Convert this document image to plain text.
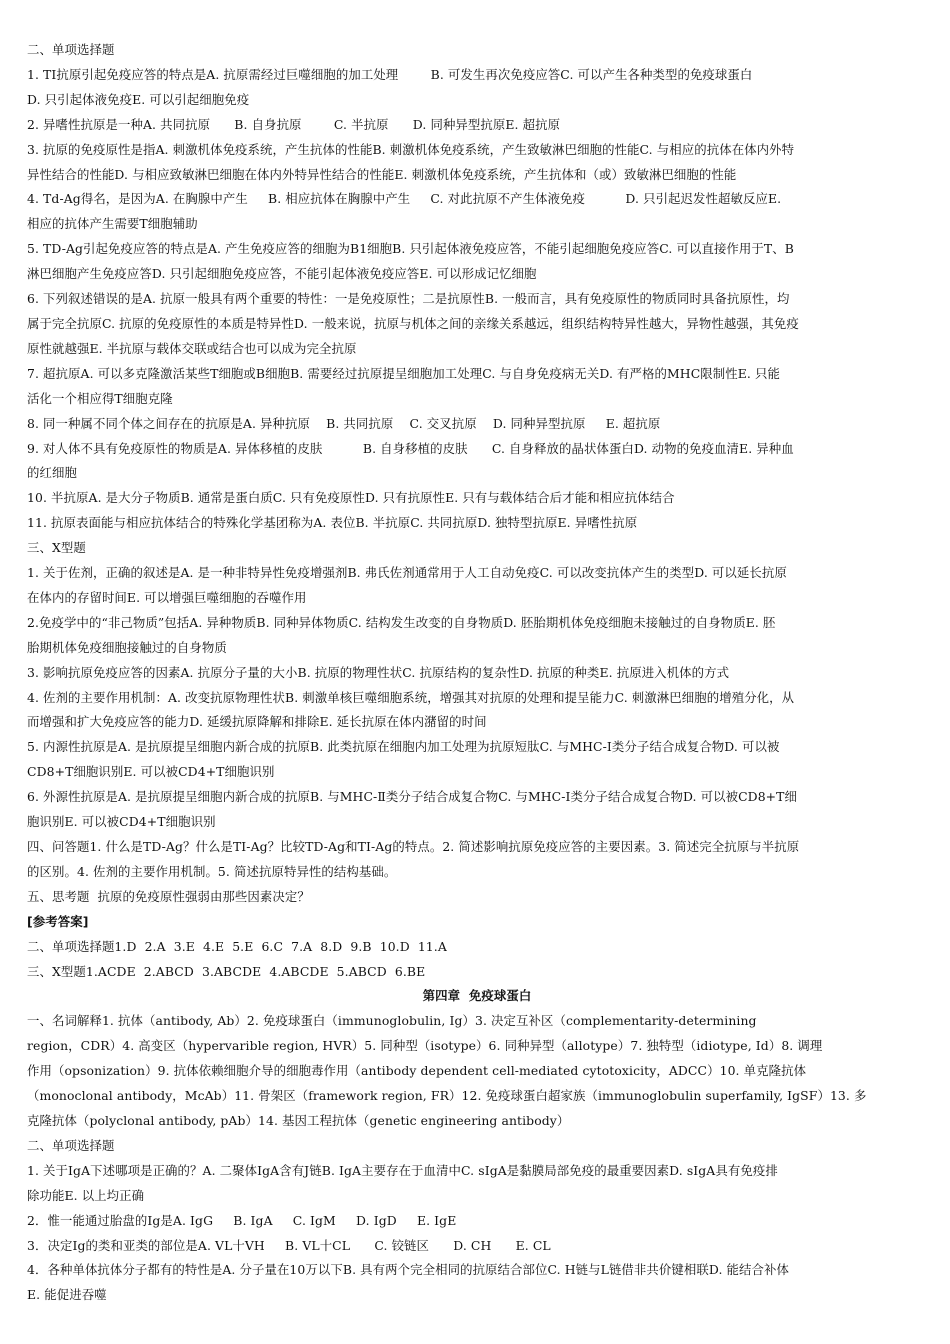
二、单项选择题

1. TI抗原引起免疫应答的特点是A. 抗原需经过巨噬细胞的加工处理        B. 可发生再次免疫应答C. 可以产生各种类型的免疫球蛋白

D. 只引起体液免疫E. 可以引起细胞免疫

2. 异嗜性抗原是一种A. 共同抗原      B. 自身抗原        C. 半抗原      D. 同种异型抗原E. 超抗原

3. 抗原的免疫原性是指A. 刺激机体免疫系统，产生抗体的性能B. 刺激机体免疫系统，产生致敏淋巴细胞的性能C. 与相应的抗体在体内外特

异性结合的性能D. 与相应致敏淋巴细胞在体内外特异性结合的性能E. 刺激机体免疫系统，产生抗体和（或）致敏淋巴细胞的性能

4. Td-Ag得名，是因为A. 在胸腺中产生     B. 相应抗体在胸腺中产生     C. 对此抗原不产生体液免疫          D. 只引起迟发性超敏反应E.

相应的抗体产生需要T细胞辅助

5. TD-Ag引起免疫应答的特点是A. 产生免疫应答的细胞为B1细胞B. 只引起体液免疫应答，不能引起细胞免疫应答C. 可以直接作用于T、B

淋巴细胞产生免疫应答D. 只引起细胞免疫应答，不能引起体液免疫应答E. 可以形成记忆细胞

6. 下列叙述错误的是A. 抗原一般具有两个重要的特性：一是免疫原性；二是抗原性B. 一般而言，具有免疫原性的物质同时具备抗原性，均

属于完全抗原C. 抗原的免疫原性的本质是特异性D. 一般来说，抗原与机体之间的亲缘关系越远，组织结构特异性越大，异物性越强，其免疫

原性就越强E. 半抗原与载体交联或结合也可以成为完全抗原

7. 超抗原A. 可以多克隆激活某些T细胞或B细胞B. 需要经过抗原提呈细胞加工处理C. 与自身免疫病无关D. 有严格的MHC限制性E. 只能

活化一个相应得T细胞克隆

8. 同一种属不同个体之间存在的抗原是A. 异种抗原    B. 共同抗原    C. 交叉抗原    D. 同种异型抗原     E. 超抗原

9. 对人体不具有免疫原性的物质是A. 异体移植的皮肤          B. 自身移植的皮肤      C. 自身释放的晶状体蛋白D. 动物的免疫血清E. 异种血

的红细胞

10. 半抗原A. 是大分子物质B. 通常是蛋白质C. 只有免疫原性D. 只有抗原性E. 只有与载体结合后才能和相应抗体结合

11. 抗原表面能与相应抗体结合的特殊化学基团称为A. 表位B. 半抗原C. 共同抗原D. 独特型抗原E. 异嗜性抗原

三、X型题

1. 关于佐剂，正确的叙述是A. 是一种非特异性免疫增强剂B. 弗氏佐剂通常用于人工自动免疫C. 可以改变抗体产生的类型D. 可以延长抗原

在体内的存留时间E. 可以增强巨噬细胞的吞噬作用

2.免疫学中的“非己物质”包括A. 异种物质B. 同种异体物质C. 结构发生改变的自身物质D. 胚胎期机体免疫细胞未接触过的自身物质E. 胚

胎期机体免疫细胞接触过的自身物质

3. 影响抗原免疫应答的因素A. 抗原分子量的大小B. 抗原的物理性状C. 抗原结构的复杂性D. 抗原的种类E. 抗原进入机体的方式

4. 佐剂的主要作用机制：A. 改变抗原物理性状B. 刺激单核巨噬细胞系统，增强其对抗原的处理和提呈能力C. 刺激淋巴细胞的增殖分化，从

而增强和扩大免疫应答的能力D. 延缓抗原降解和排除E. 延长抗原在体内潴留的时间

5. 内源性抗原是A. 是抗原提呈细胞内新合成的抗原B. 此类抗原在细胞内加工处理为抗原短肽C. 与MHC-Ⅰ类分子结合成复合物D. 可以被

CD8+T细胞识别E. 可以被CD4+T细胞识别

6. 外源性抗原是A. 是抗原提呈细胞内新合成的抗原B. 与MHC-Ⅱ类分子结合成复合物C. 与MHC-Ⅰ类分子结合成复合物D. 可以被CD8+T细

胞识别E. 可以被CD4+T细胞识别

四、问答题1. 什么是TD-Ag？什么是TI-Ag？比较TD-Ag和TI-Ag的特点。2. 简述影响抗原免疫应答的主要因素。3. 简述完全抗原与半抗原

的区别。4. 佐剂的主要作用机制。5. 简述抗原特异性的结构基础。

五、思考题  抗原的免疫原性强弱由那些因素决定？

[参考答案]

二、单项选择题1.D  2.A  3.E  4.E  5.E  6.C  7.A  8.D  9.B  10.D  11.A

三、X型题1.ACDE  2.ABCD  3.ABCDE  4.ABCDE  5.ABCD  6.BE

第四章  免疫球蛋白

一、名词解释1. 抗体（antibody, Ab）2. 免疫球蛋白（immunoglobulin, Ig）3. 决定互补区（complementarity-determining

region，CDR）4. 高变区（hypervarible region, HVR）5. 同种型（isotype）6. 同种异型（allotype）7. 独特型（idiotype, Id）8. 调理

作用（opsonization）9. 抗体依赖细胞介导的细胞毒作用（antibody dependent cell-mediated cytotoxicity，ADCC）10. 单克隆抗体

（monoclonal antibody，McAb）11. 骨架区（framework region, FR）12. 免疫球蛋白超家族（immunoglobulin superfamily, IgSF）13. 多

克隆抗体（polyclonal antibody, pAb）14. 基因工程抗体（genetic engineering antibody）

二、单项选择题

1. 关于IgA下述哪项是正确的？A. 二聚体IgA含有J链B. IgA主要存在于血清中C. sIgA是黏膜局部免疫的最重要因素D. sIgA具有免疫排

除功能E. 以上均正确

2．惟一能通过胎盘的Ig是A. IgG     B. IgA     C. IgM     D. IgD     E. IgE

3．决定Ig的类和亚类的部位是A. VL十VH     B. VL十CL      C. 铰链区      D. CH      E. CL

4．各种单体抗体分子都有的特性是A. 分子量在10万以下B. 具有两个完全相同的抗原结合部位C. H链与L链借非共价键相联D. 能结合补体

E. 能促进吞噬
